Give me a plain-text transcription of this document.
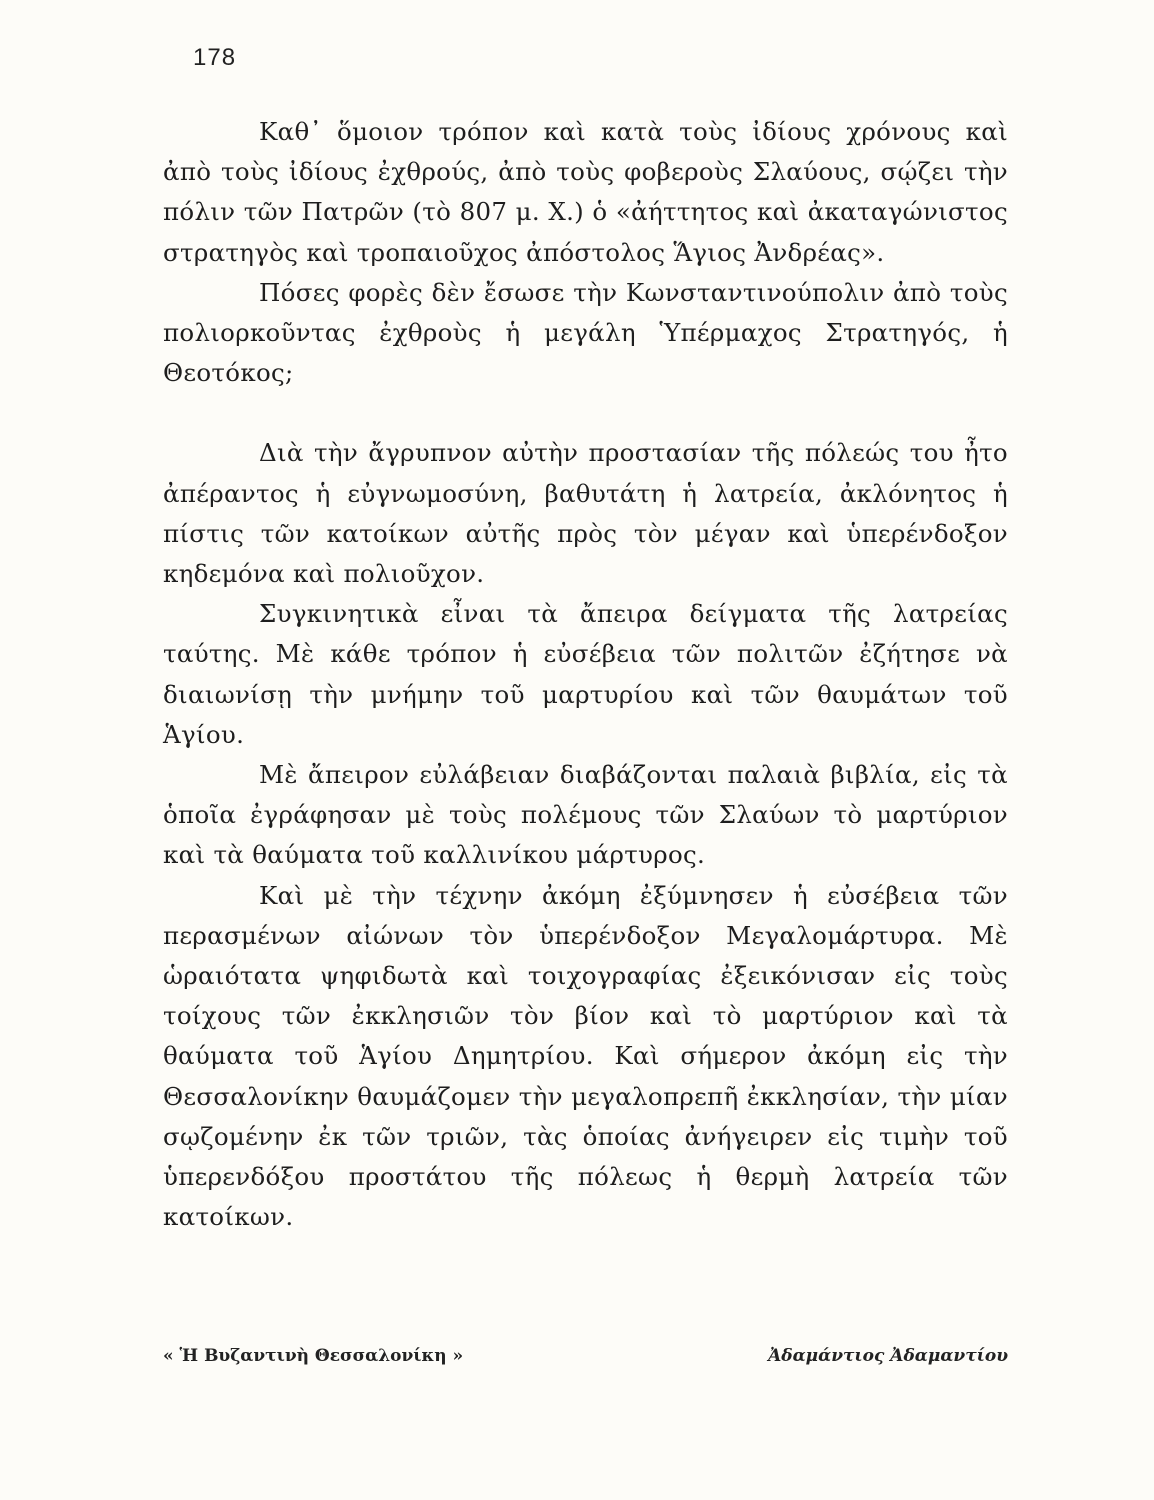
178

Καθ᾽ ὅμοιον τρόπον καὶ κατὰ τοὺς ἰδίους χρόνους καὶ ἀπὸ τοὺς ἰδίους ἐχθρούς, ἀπὸ τοὺς φοβεροὺς Σλαύους, σῴζει τὴν πόλιν τῶν Πατρῶν (τὸ 807 μ. Χ.) ὁ «ἀήττητος καὶ ἀκαταγώνιστος στρατηγὸς καὶ τροπαιοῦχος ἀπόστολος Ἅγιος Ἀνδρέας».

Πόσες φορὲς δὲν ἔσωσε τὴν Κωνσταντινούπολιν ἀπὸ τοὺς πολιορκοῦντας ἐχθροὺς ἡ μεγάλη Ὑπέρμαχος Στρατηγός, ἡ Θεοτόκος;

Διὰ τὴν ἄγρυπνον αὐτὴν προστασίαν τῆς πόλεώς του ἦτο ἀπέραντος ἡ εὐγνωμοσύνη, βαθυτάτη ἡ λατρεία, ἀκλόνητος ἡ πίστις τῶν κατοίκων αὐτῆς πρὸς τὸν μέγαν καὶ ὑπερένδοξον κηδεμόνα καὶ πολιοῦχον.

Συγκινητικὰ εἶναι τὰ ἄπειρα δείγματα τῆς λατρείας ταύτης. Μὲ κάθε τρόπον ἡ εὐσέβεια τῶν πολιτῶν ἐζήτησε νὰ διαιωνίσῃ τὴν μνήμην τοῦ μαρτυρίου καὶ τῶν θαυμάτων τοῦ Ἁγίου.

Μὲ ἄπειρον εὐλάβειαν διαβάζονται παλαιὰ βιβλία, εἰς τὰ ὁποῖα ἐγράφησαν μὲ τοὺς πολέμους τῶν Σλαύων τὸ μαρτύριον καὶ τὰ θαύματα τοῦ καλλινίκου μάρτυρος.

Καὶ μὲ τὴν τέχνην ἀκόμη ἐξύμνησεν ἡ εὐσέβεια τῶν περασμένων αἰώνων τὸν ὑπερένδοξον Μεγαλομάρτυρα. Μὲ ὡραιότατα ψηφιδωτὰ καὶ τοιχογραφίας ἐξεικόνισαν εἰς τοὺς τοίχους τῶν ἐκκλησιῶν τὸν βίον καὶ τὸ μαρτύριον καὶ τὰ θαύματα τοῦ Ἁγίου Δημητρίου. Καὶ σήμερον ἀκόμη εἰς τὴν Θεσσαλονίκην θαυμάζομεν τὴν μεγαλοπρεπῆ ἐκκλησίαν, τὴν μίαν σῳζομένην ἐκ τῶν τριῶν, τὰς ὁποίας ἀνήγειρεν εἰς τιμὴν τοῦ ὑπερενδόξου προστάτου τῆς πόλεως ἡ θερμὴ λατρεία τῶν κατοίκων.

« Ἡ Βυζαντινὴ Θεσσαλονίκη »	Ἀδαμάντιος Ἀδαμαντίου
